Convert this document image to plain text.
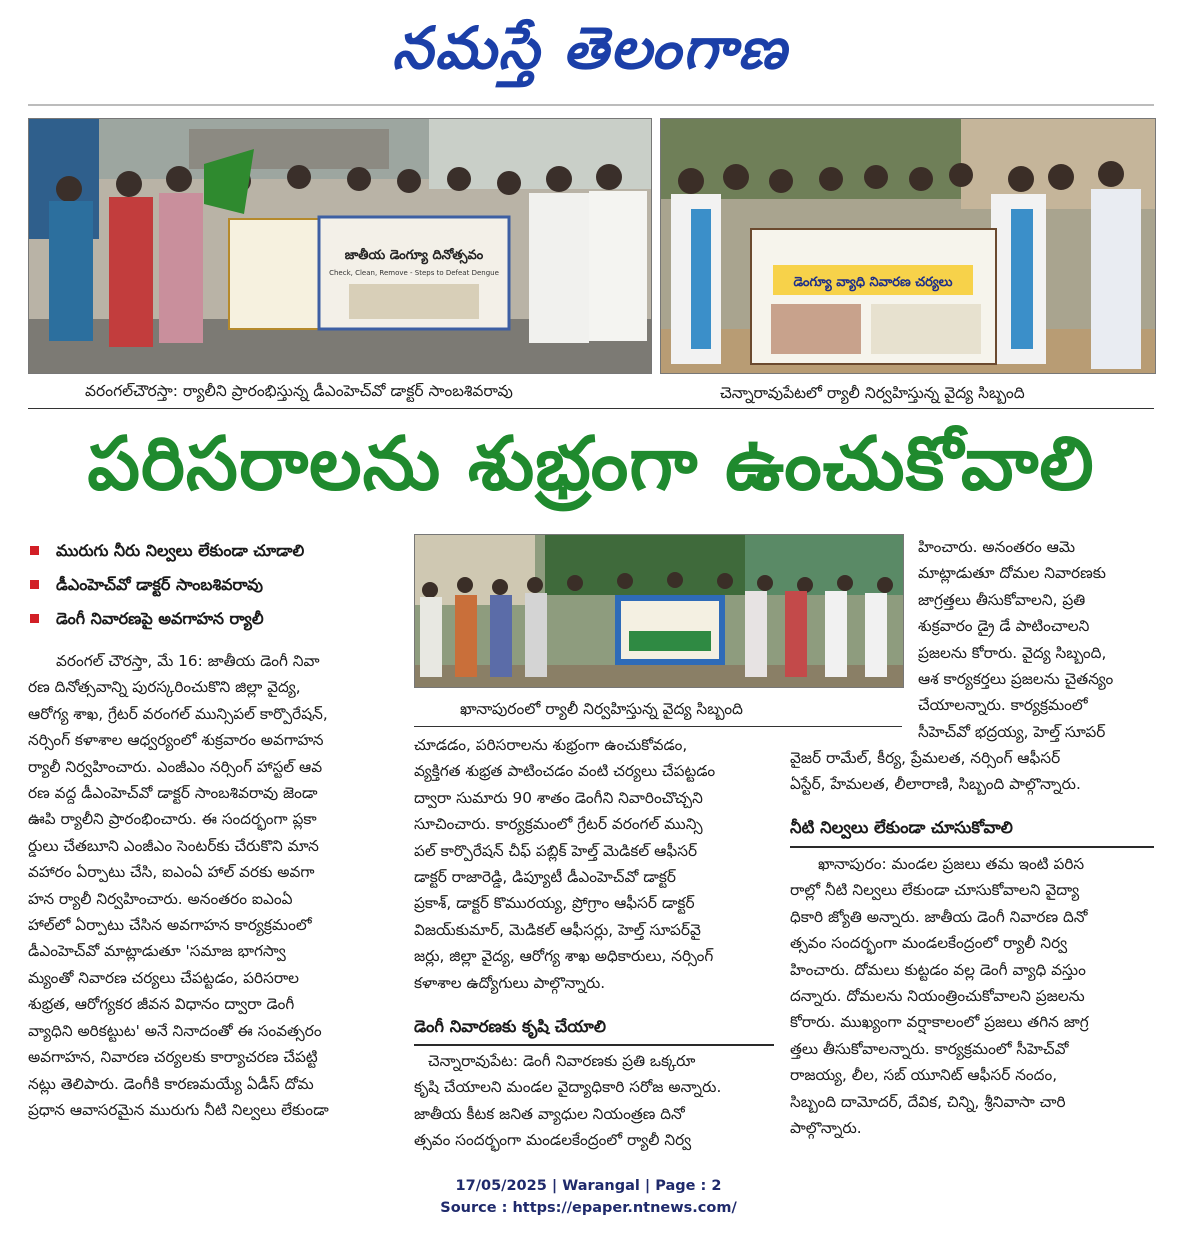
నమస్తే తెలంగాణ
జాతీయ డెంగ్యూ దినోత్సవం
Check, Clean, Remove - Steps to Defeat Dengue
వరంగల్‌చౌరస్తా: ర్యాలీని ప్రారంభిస్తున్న డీఎంహెచ్‌వో డాక్టర్ సాంబశివరావు
డెంగ్యూ వ్యాధి నివారణ చర్యలు
చెన్నారావుపేటలో ర్యాలీ నిర్వహిస్తున్న వైద్య సిబ్బంది
పరిసరాలను శుభ్రంగా ఉంచుకోవాలి
మురుగు నీరు నిల్వలు లేకుండా చూడాలి
డీఎంహెచ్‌వో డాక్టర్ సాంబశివరావు
డెంగీ నివారణపై అవగాహన ర్యాలీ
వరంగల్ చౌరస్తా, మే 16: జాతీయ డెంగీ నివా
రణ దినోత్సవాన్ని పురస్కరించుకొని జిల్లా వైద్య,
ఆరోగ్య శాఖ, గ్రేటర్ వరంగల్ మున్సిపల్ కార్పొరేషన్,
నర్సింగ్ కళాశాల ఆధ్వర్యంలో శుక్రవారం అవగాహన
ర్యాలీ నిర్వహించారు. ఎంజీఎం నర్సింగ్ హాస్టల్ ఆవ
రణ వద్ద డీఎంహెచ్‌వో డాక్టర్ సాంబశివరావు జెండా
ఊపి ర్యాలీని ప్రారంభించారు. ఈ సందర్భంగా ప్లకా
ర్డులు చేతబూని ఎంజీఎం సెంటర్‌కు చేరుకొని మాన
వహారం ఏర్పాటు చేసి, ఐఎంఏ హాల్ వరకు అవగా
హన ర్యాలీ నిర్వహించారు. అనంతరం ఐఎంఏ
హాల్‌లో ఏర్పాటు చేసిన అవగాహన కార్యక్రమంలో
డీఎంహెచ్‌వో మాట్లాడుతూ 'సమాజ భాగస్వా
మ్యంతో నివారణ చర్యలు చేపట్టడం, పరిసరాల
శుభ్రత, ఆరోగ్యకర జీవన విధానం ద్వారా డెంగీ
వ్యాధిని అరికట్టుట' అనే నినాదంతో ఈ సంవత్సరం
అవగాహన, నివారణ చర్యలకు కార్యాచరణ చేపట్టి
నట్లు తెలిపారు. డెంగీకి కారణమయ్యే ఏడీస్ దోమ
ప్రధాన ఆవాసరమైన మురుగు నీటి నిల్వలు లేకుండా
ఖానాపురంలో ర్యాలీ నిర్వహిస్తున్న వైద్య సిబ్బంది
చూడడం, పరిసరాలను శుభ్రంగా ఉంచుకోవడం,
వ్యక్తిగత శుభ్రత పాటించడం వంటి చర్యలు చేపట్టడం
ద్వారా సుమారు 90 శాతం డెంగీని నివారించొచ్చని
సూచించారు. కార్యక్రమంలో గ్రేటర్ వరంగల్ మున్సి
పల్ కార్పొరేషన్ చీఫ్ పబ్లిక్ హెల్త్ మెడికల్ ఆఫీసర్
డాక్టర్ రాజారెడ్డి, డిప్యూటీ డీఎంహెచ్‌వో డాక్టర్
ప్రకాశ్, డాక్టర్ కొమురయ్య, ప్రోగ్రాం ఆఫీసర్ డాక్టర్
విజయ్‌కుమార్, మెడికల్ ఆఫీసర్లు, హెల్త్ సూపర్‌వై
జర్లు, జిల్లా వైద్య, ఆరోగ్య శాఖ అధికారులు, నర్సింగ్
కళాశాల ఉద్యోగులు పాల్గొన్నారు.
డెంగీ నివారణకు కృషి చేయాలి
చెన్నారావుపేట: డెంగీ నివారణకు ప్రతి ఒక్కరూ
కృషి చేయాలని మండల వైద్యాధికారి సరోజ అన్నారు.
జాతీయ కీటక జనిత వ్యాధుల నియంత్రణ దినో
త్సవం సందర్భంగా మండలకేంద్రంలో ర్యాలీ నిర్వ
హించారు. అనంతరం ఆమె
మాట్లాడుతూ దోమల నివారణకు
జాగ్రత్తలు తీసుకోవాలని, ప్రతి
శుక్రవారం డ్రై డే పాటించాలని
ప్రజలను కోరారు. వైద్య సిబ్బంది,
ఆశ కార్యకర్తలు ప్రజలను చైతన్యం
చేయాలన్నారు. కార్యక్రమంలో
సీహెచ్‌వో భద్రయ్య, హెల్త్ సూపర్
వైజర్ రామేల్, కీర్య, ప్రేమలత, నర్సింగ్ ఆఫీసర్
ఏస్టేర్, హేమలత, లీలారాణి, సిబ్బంది పాల్గొన్నారు.
నీటి నిల్వలు లేకుండా చూసుకోవాలి
ఖానాపురం: మండల ప్రజలు తమ ఇంటి పరిస
రాల్లో నీటి నిల్వలు లేకుండా చూసుకోవాలని వైద్యా
ధికారి జ్యోతి అన్నారు. జాతీయ డెంగీ నివారణ దినో
త్సవం సందర్భంగా మండలకేంద్రంలో ర్యాలీ నిర్వ
హించారు. దోమలు కుట్టడం వల్ల డెంగీ వ్యాధి వస్తుం
దన్నారు. దోమలను నియంత్రించుకోవాలని ప్రజలను
కోరారు. ముఖ్యంగా వర్షాకాలంలో ప్రజలు తగిన జాగ్ర
త్తలు తీసుకోవాలన్నారు. కార్యక్రమంలో సీహెచ్‌వో
రాజయ్య, లీల, సబ్ యూనిట్ ఆఫీసర్ నందం,
సిబ్బంది దామోదర్, దేవిక, చిన్ని, శ్రీనివాసా చారి
పాల్గొన్నారు.
17/05/2025 | Warangal | Page : 2
Source : https://epaper.ntnews.com/
